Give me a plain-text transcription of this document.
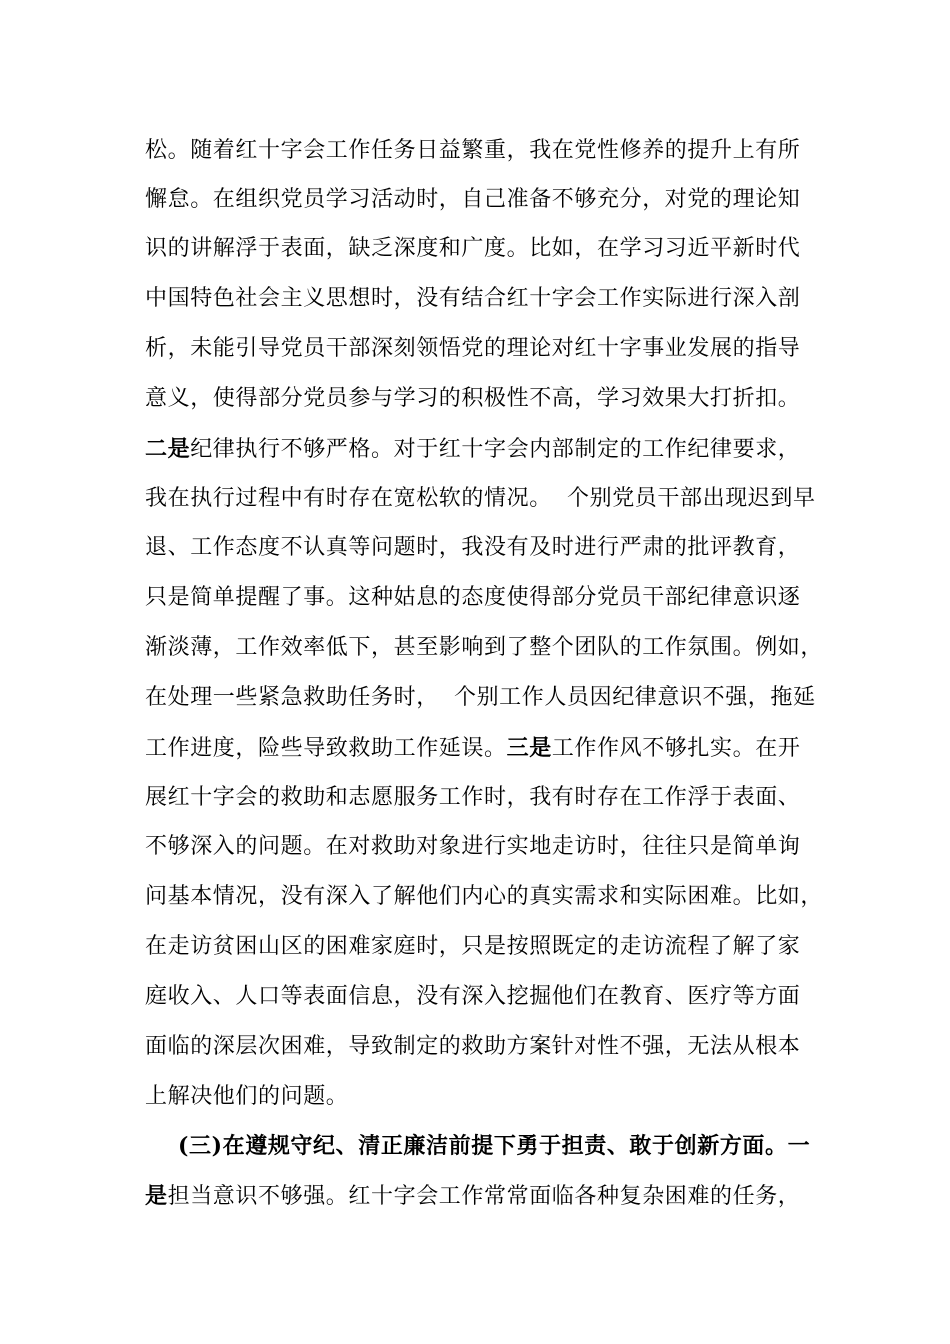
松。随着红十字会工作任务日益繁重，我在党性修养的提升上有所
懈怠。在组织党员学习活动时，自己准备不够充分，对党的理论知
识的讲解浮于表面，缺乏深度和广度。比如，在学习习近平新时代
中国特色社会主义思想时，没有结合红十字会工作实际进行深入剖
析，未能引导党员干部深刻领悟党的理论对红十字事业发展的指导
意义，使得部分党员参与学习的积极性不高，学习效果大打折扣。
二是纪律执行不够严格。对于红十字会内部制定的工作纪律要求，
我在执行过程中有时存在宽松软的情况。  个别党员干部出现迟到早
退、工作态度不认真等问题时，我没有及时进行严肃的批评教育，
只是简单提醒了事。这种姑息的态度使得部分党员干部纪律意识逐
渐淡薄，工作效率低下，甚至影响到了整个团队的工作氛围。例如，
在处理一些紧急救助任务时，  个别工作人员因纪律意识不强，拖延
工作进度，险些导致救助工作延误。三是工作作风不够扎实。在开
展红十字会的救助和志愿服务工作时，我有时存在工作浮于表面、
不够深入的问题。在对救助对象进行实地走访时，往往只是简单询
问基本情况，没有深入了解他们内心的真实需求和实际困难。比如，
在走访贫困山区的困难家庭时，只是按照既定的走访流程了解了家
庭收入、人口等表面信息，没有深入挖掘他们在教育、医疗等方面
面临的深层次困难，导致制定的救助方案针对性不强，无法从根本
上解决他们的问题。
(三)在遵规守纪、清正廉洁前提下勇于担责、敢于创新方面。一
是担当意识不够强。红十字会工作常常面临各种复杂困难的任务，
